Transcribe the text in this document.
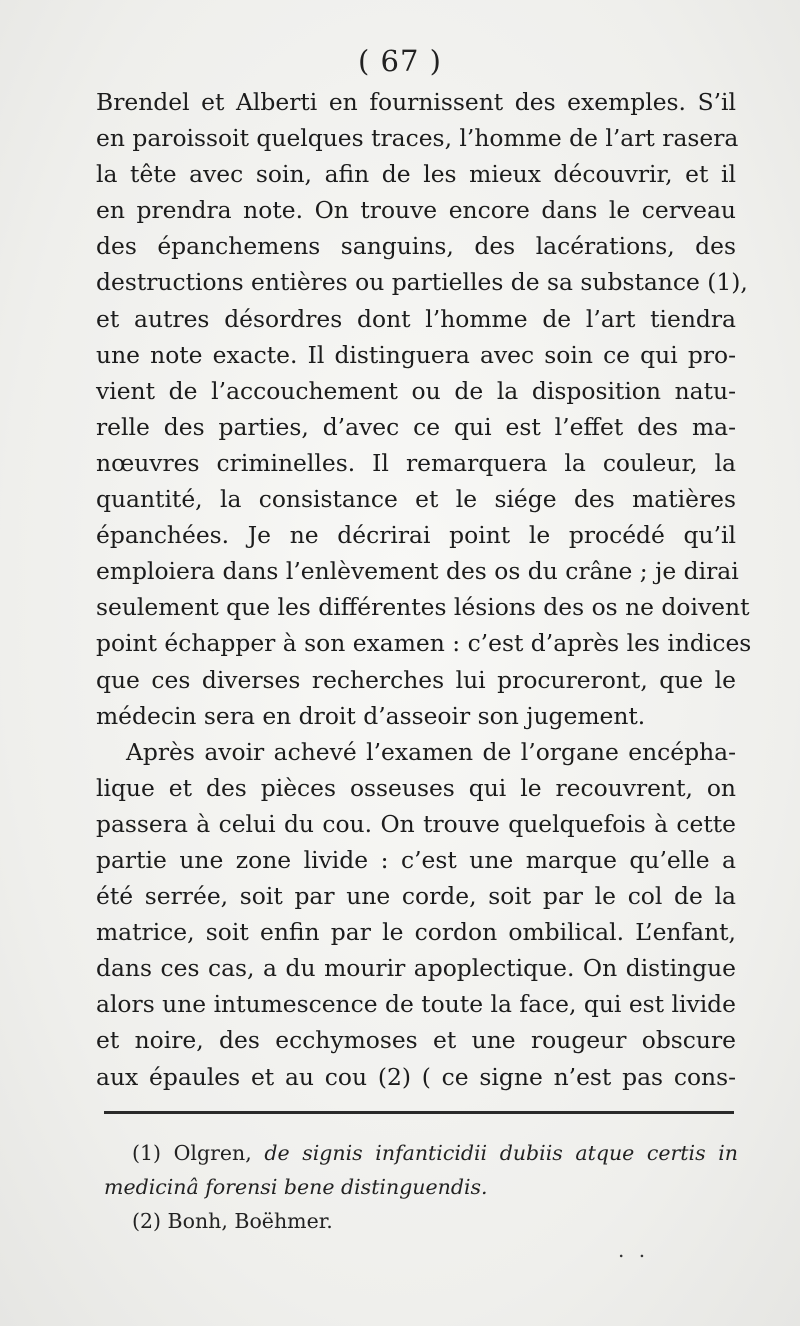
( 67 )
Brendel et Alberti en fournissent des exemples. S’il
en paroissoit quelques traces, l’homme de l’art rasera
la tête avec soin, afin de les mieux découvrir, et il
en prendra note. On trouve encore dans le cerveau
des épanchemens sanguins, des lacérations, des
destructions entières ou partielles de sa substance (1),
et autres désordres dont l’homme de l’art tiendra
une note exacte. Il distinguera avec soin ce qui pro-
vient de l’accouchement ou de la disposition natu-
relle des parties, d’avec ce qui est l’effet des ma-
nœuvres criminelles. Il remarquera la couleur, la
quantité, la consistance et le siége des matières
épanchées. Je ne décrirai point le procédé qu’il
emploiera dans l’enlèvement des os du crâne ; je dirai
seulement que les différentes lésions des os ne doivent
point échapper à son examen : c’est d’après les indices
que ces diverses recherches lui procureront, que le
médecin sera en droit d’asseoir son jugement.
Après avoir achevé l’examen de l’organe encépha-
lique et des pièces osseuses qui le recouvrent, on
passera à celui du cou. On trouve quelquefois à cette
partie une zone livide : c’est une marque qu’elle a
été serrée, soit par une corde, soit par le col de la
matrice, soit enfin par le cordon ombilical. L’enfant,
dans ces cas, a du mourir apoplectique. On distingue
alors une intumescence de toute la face, qui est livide
et noire, des ecchymoses et une rougeur obscure
aux épaules et au cou (2) ( ce signe n’est pas cons-
(1) Olgren, de signis infanticidii dubiis atque certis in
medicinâ forensi bene distinguendis.
(2) Bonh, Boëhmer.
. .
